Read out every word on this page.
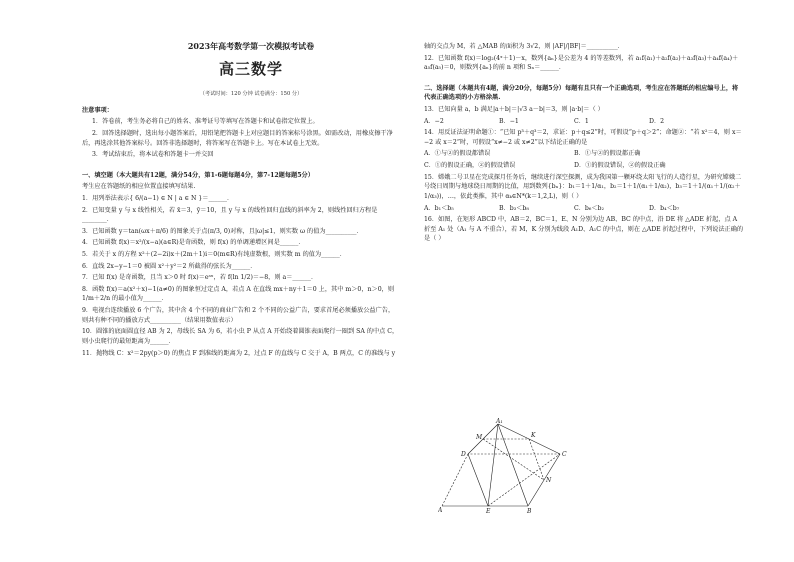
2023年高考数学第一次模拟考试卷
高三数学
（考试时间：120 分钟 试卷满分：150 分）
注意事项：
1．答卷前，考生务必将自己的姓名、准考证号等填写在答题卡和试卷指定位置上。
2．回答选择题时，选出每小题答案后，用铅笔把答题卡上对应题目的答案标号涂黑。如需改动，用橡皮擦干净后，再选涂其他答案标号。回答非选择题时，将答案写在答题卡上。写在本试卷上无效。
3．考试结束后，将本试卷和答题卡一并交回
一、填空题（本大题共有12题，满分54分，第1-6题每题4分，第7-12题每题5分）
考生应在答题纸的相应位置直接填写结果.
1．用列举法表示{ 6/(a−1) ∈ N | a ∈ N }＝______．
2．已知变量 y 与 x 线性相关，若 x̄＝3，ȳ＝10，且 y 与 x 的线性回归直线的斜率为 2，则线性回归方程是________．
3．已知函数 y＝tan(ωx＋π/6) 的图象关于点(π/3, 0)对称，且|ω|≤1，则实数 ω 的值为__________．
4．已知函数 f(x)＝x²/(x−a)(a∈R)是奇函数，则 f(x) 的单调递增区间是______．
5．若关于 x 的方程 x²＋(2−2i)x＋(2m＋1)i＝0(m∈R)有纯虚数根，则实数 m 的值为______．
6．直线 2x−y−1＝0 被圆 x²＋y²＝2 所截得的弦长为______．
7．已知 f(x) 是奇函数，且当 x＞0 时 f(x)＝eᵃˣ，若 f(ln 1/2)＝−8，则 a＝______．
8．函数 f(x)＝a(x²＋x)−1(a≠0) 的图象恒过定点 A，若点 A 在直线 mx＋ny＋1＝0 上，其中 m＞0，n＞0，则 1/m＋2/n 的最小值为______．
9．电视台连续播放 6 个广告，其中含 4 个不同的商业广告和 2 个不同的公益广告，要求首尾必须播放公益广告，则共有种不同的播放方式__________（结果用数值表示）
10．圆锥的底面圆直径 AB 为 2，母线长 SA 为 6，若小虫 P 从点 A 开始绕着圆锥表面爬行一圈到 SA 的中点 C，则小虫爬行的最短距离为______．
11．抛物线 C：x²＝2py(p＞0) 的焦点 F 到准线的距离为 2，过点 F 的直线与 C 交于 A，B 两点，C 的准线与 y
轴的交点为 M，若 △MAB 的面积为 3√2，则 |AF|/|BF|＝__________．
12．已知函数 f(x)＝log₂(4ˣ＋1)－x，数列{aₙ}是公差为 4 的等差数列，若 a₁f(a₁)＋a₂f(a₂)＋a₃f(a₃)＋a₄f(a₄)＋a₅f(a₅)＝0，则数列{aₙ}的前 n 项和 Sₙ＝______．
二、选择题（本题共有4题，满分20分，每题5分）每题有且只有一个正确选项，考生应在答题纸的相应编号上，将代表正确选项的小方格涂黑.
13．已知向量 a，b 满足|a＋b|＝|√3 a－b|＝3，则 |a·b|＝（ ）
A．−2	B．−1	C．1	D．2
14．用反证法证明命题①：“已知 p³＋q³＝2，求证：p＋q≤2”时，可假设“p＋q＞2”；命题②：“若 x²＝4，则 x＝−2 或 x＝2”时，可假设“x≠−2 或 x≠2”以下结论正确的是
A．①与②的假设都错误	B．①与②的假设都正确
C．①的假设正确，②的假设错误	D．①的假设错误，②的假设正确
15．嫦娥二号卫星在完成探月任务后，继续进行深空探测，成为我国第一颗环绕太阳飞行的人造行星，为研究嫦娥二号绕日周期与地球绕日周期的比值，用到数列{bₙ}：b₁＝1＋1/α₁，b₂＝1＋1/(α₁＋1/α₂)，b₃＝1＋1/(α₁＋1/(α₂＋1/α₃))，…，依此类推，其中 αₖ∈N*(k＝1,2,L)，则（ ）
A．b₁＜b₅	B．b₃＜b₈	C．b₆＜b₂	D．b₄＜b₇
16．如图，在矩形 ABCD 中，AB＝2，BC＝1，E、N 分别为边 AB、BC 的中点，沿 DE 将 △ADE 折起，点 A 折至 A₁ 处（A₁ 与 A 不重合），若 M，K 分别为线段 A₁D、A₁C 的中点，则在 △ADE 折起过程中，下列说法正确的是（ ）
A₁
M	K
D	C
N
A	E	B
